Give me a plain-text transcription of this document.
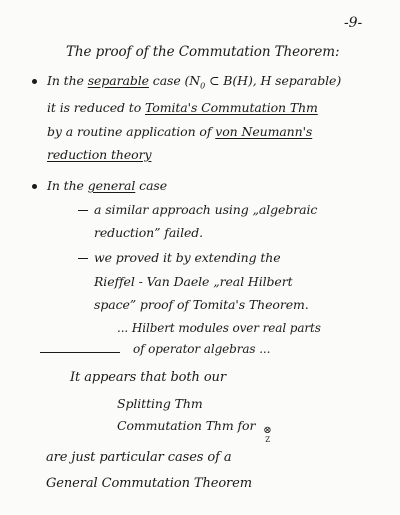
-9-
The proof of the Commutation Theorem:
In the separable case ($N_0$ ⊂ B(H), H separable)
it is reduced to Tomita's Commutation Thm
by a routine application of von Neumann's
reduction theory
In the general case
a similar approach using „algebraic
reduction” failed.
we proved it by extending the
Rieffel - Van Daele „real Hilbert
space” proof of Tomita's Theorem.
... Hilbert modules over real parts
of operator algebras ...
It appears that both our
Splitting Thm
Commutation Thm for ⊗
Z
are just particular cases of a
General Commutation Theorem
